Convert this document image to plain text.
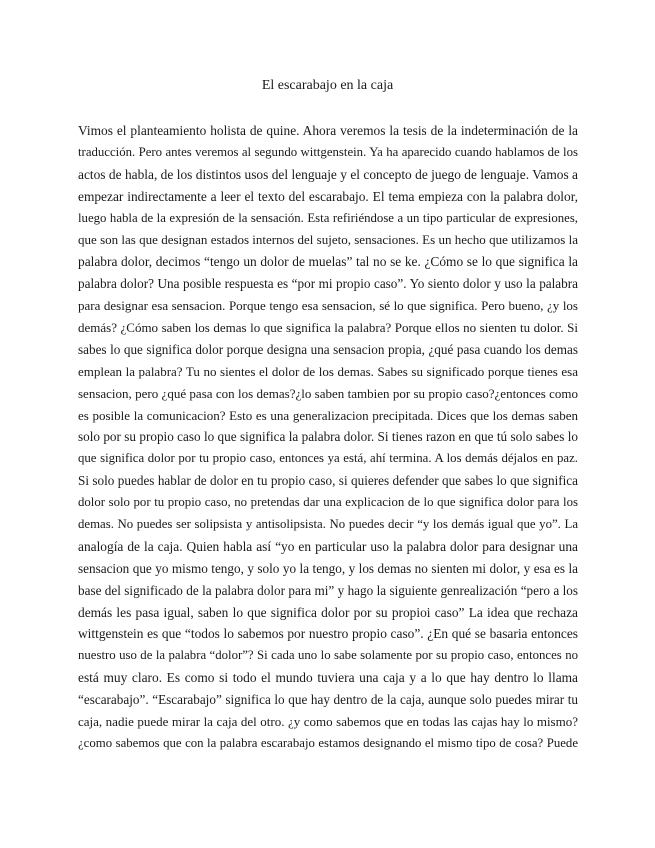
El escarabajo en la caja
Vimos el planteamiento holista de quine. Ahora veremos la tesis de la indeterminación de la
traducción. Pero antes veremos al segundo wittgenstein. Ya ha aparecido cuando hablamos de los
actos de habla, de los distintos usos del lenguaje y el concepto de juego de lenguaje. Vamos a
empezar indirectamente a leer el texto del escarabajo. El tema empieza con la palabra dolor,
luego habla de la expresión de la sensación. Esta refiriéndose a un tipo particular de expresiones,
que son las que designan estados internos del sujeto, sensaciones. Es un hecho que utilizamos la
palabra dolor, decimos “tengo un dolor de muelas” tal no se ke. ¿Cómo se lo que significa la
palabra dolor? Una posible respuesta es “por mi propio caso”. Yo siento dolor y uso la palabra
para designar esa sensacion. Porque tengo esa sensacion, sé lo que significa. Pero bueno, ¿y los
demás? ¿Cómo saben los demas lo que significa la palabra? Porque ellos no sienten tu dolor. Si
sabes lo que significa dolor porque designa una sensacion propia, ¿qué pasa cuando los demas
emplean la palabra? Tu no sientes el dolor de los demas. Sabes su significado porque tienes esa
sensacion, pero ¿qué pasa con los demas?¿lo saben tambien por su propio caso?¿entonces como
es posible la comunicacion? Esto es una generalizacion precipitada. Dices que los demas saben
solo por su propio caso lo que significa la palabra dolor. Si tienes razon en que tú solo sabes lo
que significa dolor por tu propio caso, entonces ya está, ahí termina. A los demás déjalos en paz.
Si solo puedes hablar de dolor en tu propio caso, si quieres defender que sabes lo que significa
dolor solo por tu propio caso, no pretendas dar una explicacion de lo que significa dolor para los
demas. No puedes ser solipsista y antisolipsista. No puedes decir “y los demás igual que yo”. La
analogía de la caja. Quien habla así “yo en particular uso la palabra dolor para designar una
sensacion que yo mismo tengo, y solo yo la tengo, y los demas no sienten mi dolor, y esa es la
base del significado de la palabra dolor para mi” y hago la siguiente genrealización “pero a los
demás les pasa igual, saben lo que significa dolor por su propioi caso” La idea que rechaza
wittgenstein es que “todos lo sabemos por nuestro propio caso”. ¿En qué se basaria entonces
nuestro uso de la palabra “dolor”? Si cada uno lo sabe solamente por su propio caso, entonces no
está muy claro. Es como si todo el mundo tuviera una caja y a lo que hay dentro lo llama
“escarabajo”. “Escarabajo” significa lo que hay dentro de la caja, aunque solo puedes mirar tu
caja, nadie puede mirar la caja del otro. ¿y como sabemos que en todas las cajas hay lo mismo?
¿como sabemos que con la palabra escarabajo estamos designando el mismo tipo de cosa? Puede
